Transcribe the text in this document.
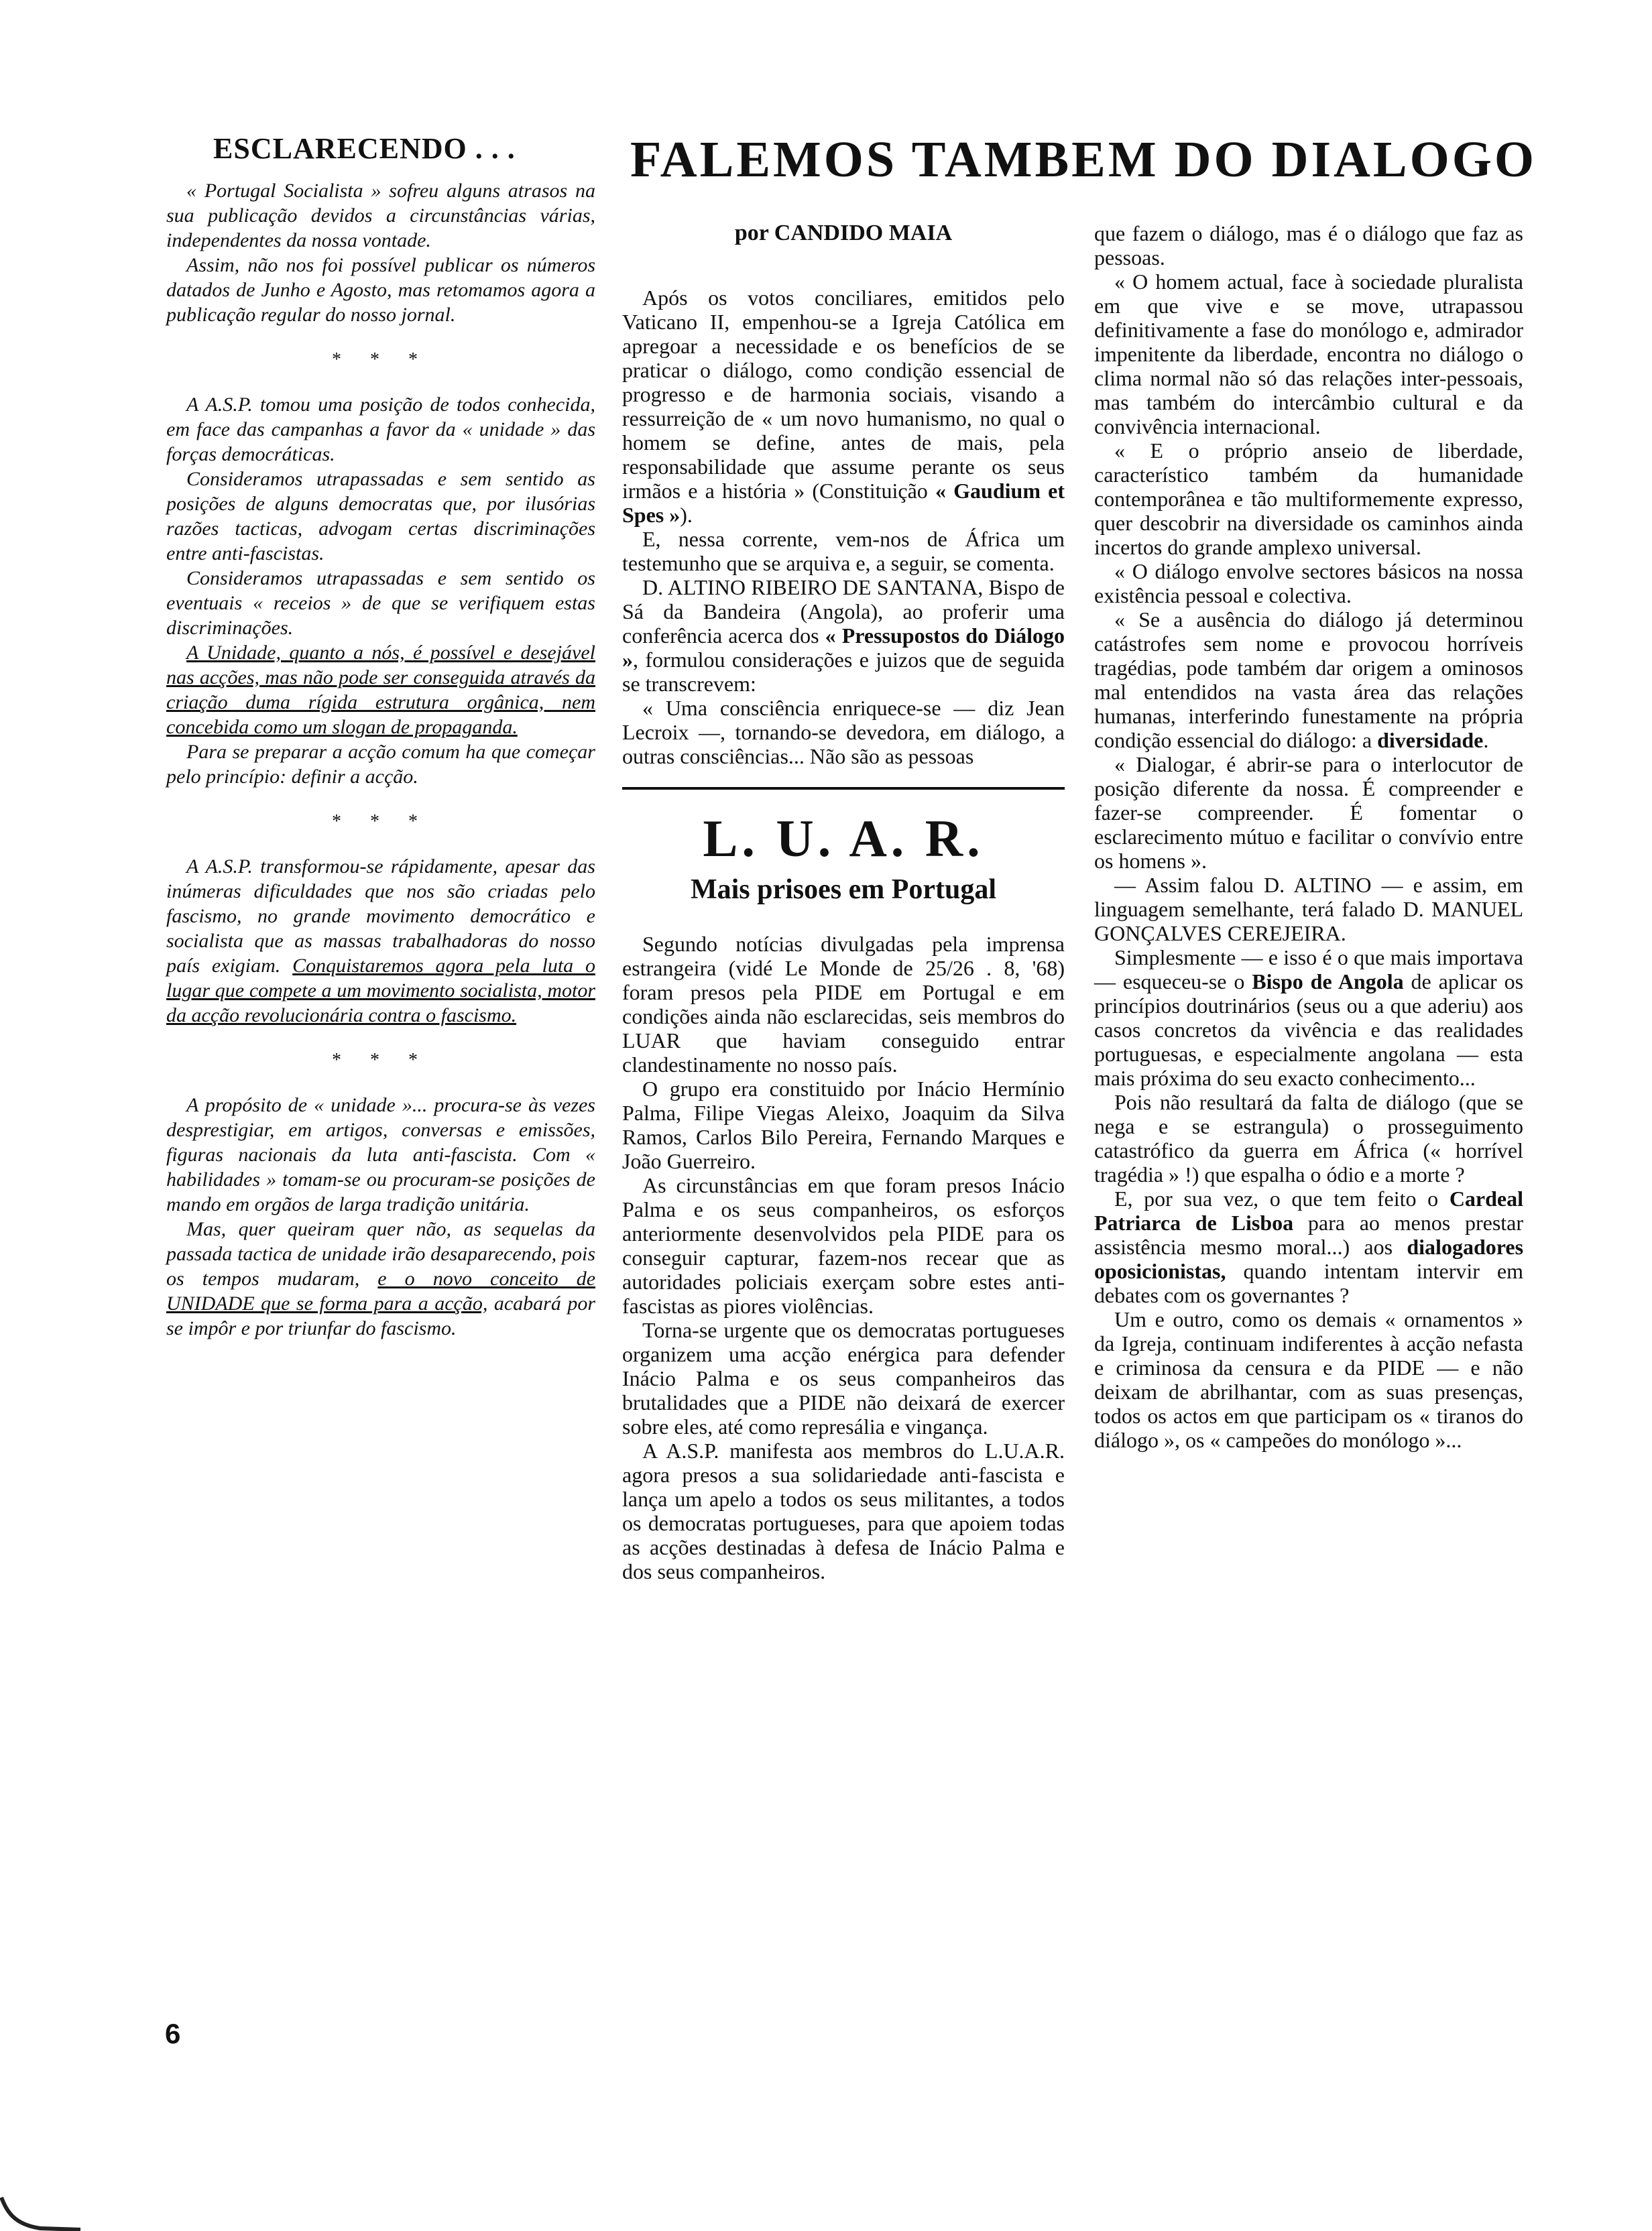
ESCLARECENDO . . .

« Portugal Socialista » sofreu alguns atrasos na sua publicação devidos a circunstâncias várias, independentes da nossa vontade.

Assim, não nos foi possível publicar os números datados de Junho e Agosto, mas retomamos agora a publicação regular do nosso jornal.

* * *

A A.S.P. tomou uma posição de todos conhecida, em face das campanhas a favor da « unidade » das forças democráticas.

Consideramos utrapassadas e sem sentido as posições de alguns democratas que, por ilusórias razões tacticas, advogam certas discriminações entre anti-fascistas.

Consideramos utrapassadas e sem sentido os eventuais « receios » de que se verifiquem estas discriminações.

A Unidade, quanto a nós, é possível e desejável nas acções, mas não pode ser conseguida através da criação duma rígida estrutura orgânica, nem concebida como um slogan de propaganda.

Para se preparar a acção comum ha que começar pelo princípio: definir a acção.

* * *

A A.S.P. transformou-se rápidamente, apesar das inúmeras dificuldades que nos são criadas pelo fascismo, no grande movimento democrático e socialista que as massas trabalhadoras do nosso país exigiam. Conquistaremos agora pela luta o lugar que compete a um movimento socialista, motor da acção revolucionária contra o fascismo.

* * *

A propósito de « unidade »... procura-se às vezes desprestigiar, em artigos, conversas e emissões, figuras nacionais da luta anti-fascista. Com « habilidades » tomam-se ou procuram-se posições de mando em orgãos de larga tradição unitária.

Mas, quer queiram quer não, as sequelas da passada tactica de unidade irão desaparecendo, pois os tempos mudaram, e o novo conceito de UNIDADE que se forma para a acção, acabará por se impôr e por triunfar do fascismo.

FALEMOS TAMBEM DO DIALOGO
por CANDIDO MAIA

Após os votos conciliares, emitidos pelo Vaticano II, empenhou-se a Igreja Católica em apregoar a necessidade e os benefícios de se praticar o diálogo, como condição essencial de progresso e de harmonia sociais, visando a ressurreição de « um novo humanismo, no qual o homem se define, antes de mais, pela responsabilidade que assume perante os seus irmãos e a história » (Constituição « Gaudium et Spes »).

E, nessa corrente, vem-nos de África um testemunho que se arquiva e, a seguir, se comenta.

D. ALTINO RIBEIRO DE SANTANA, Bispo de Sá da Bandeira (Angola), ao proferir uma conferência acerca dos « Pressupostos do Diálogo », formulou considerações e juizos que de seguida se transcrevem:

« Uma consciência enriquece-se — diz Jean Lecroix —, tornando-se devedora, em diálogo, a outras consciências... Não são as pessoas

L. U. A. R.
Mais prisoes em Portugal

Segundo notícias divulgadas pela imprensa estrangeira (vidé Le Monde de 25/26 . 8, '68) foram presos pela PIDE em Portugal e em condições ainda não esclarecidas, seis membros do LUAR que haviam conseguido entrar clandestinamente no nosso país.

O grupo era constituido por Inácio Hermínio Palma, Filipe Viegas Aleixo, Joaquim da Silva Ramos, Carlos Bilo Pereira, Fernando Marques e João Guerreiro.

As circunstâncias em que foram presos Inácio Palma e os seus companheiros, os esforços anteriormente desenvolvidos pela PIDE para os conseguir capturar, fazem-nos recear que as autoridades policiais exerçam sobre estes anti-fascistas as piores violências.

Torna-se urgente que os democratas portugueses organizem uma acção enérgica para defender Inácio Palma e os seus companheiros das brutalidades que a PIDE não deixará de exercer sobre eles, até como represália e vingança.

A A.S.P. manifesta aos membros do L.U.A.R. agora presos a sua solidariedade anti-fascista e lança um apelo a todos os seus militantes, a todos os democratas portugueses, para que apoiem todas as acções destinadas à defesa de Inácio Palma e dos seus companheiros.

que fazem o diálogo, mas é o diálogo que faz as pessoas.

« O homem actual, face à sociedade pluralista em que vive e se move, utrapassou definitivamente a fase do monólogo e, admirador impenitente da liberdade, encontra no diálogo o clima normal não só das relações inter-pessoais, mas também do intercâmbio cultural e da convivência internacional.

« E o próprio anseio de liberdade, característico também da humanidade contemporânea e tão multiformemente expresso, quer descobrir na diversidade os caminhos ainda incertos do grande amplexo universal.

« O diálogo envolve sectores básicos na nossa existência pessoal e colectiva.

« Se a ausência do diálogo já determinou catástrofes sem nome e provocou horríveis tragédias, pode também dar origem a ominosos mal entendidos na vasta área das relações humanas, interferindo funestamente na própria condição essencial do diálogo: a diversidade.

« Dialogar, é abrir-se para o interlocutor de posição diferente da nossa. É compreender e fazer-se compreender. É fomentar o esclarecimento mútuo e facilitar o convívio entre os homens ».

— Assim falou D. ALTINO — e assim, em linguagem semelhante, terá falado D. MANUEL GONÇALVES CEREJEIRA.

Simplesmente — e isso é o que mais importava — esqueceu-se o Bispo de Angola de aplicar os princípios doutrinários (seus ou a que aderiu) aos casos concretos da vivência e das realidades portuguesas, e especialmente angolana — esta mais próxima do seu exacto conhecimento...

Pois não resultará da falta de diálogo (que se nega e se estrangula) o prosseguimento catastrófico da guerra em África (« horrível tragédia » !) que espalha o ódio e a morte ?

E, por sua vez, o que tem feito o Cardeal Patriarca de Lisboa para ao menos prestar assistência mesmo moral...) aos dialogadores oposicionistas, quando intentam intervir em debates com os governantes ?

Um e outro, como os demais « ornamentos » da Igreja, continuam indiferentes à acção nefasta e criminosa da censura e da PIDE — e não deixam de abrilhantar, com as suas presenças, todos os actos em que participam os « tiranos do diálogo », os « campeões do monólogo »...

6
